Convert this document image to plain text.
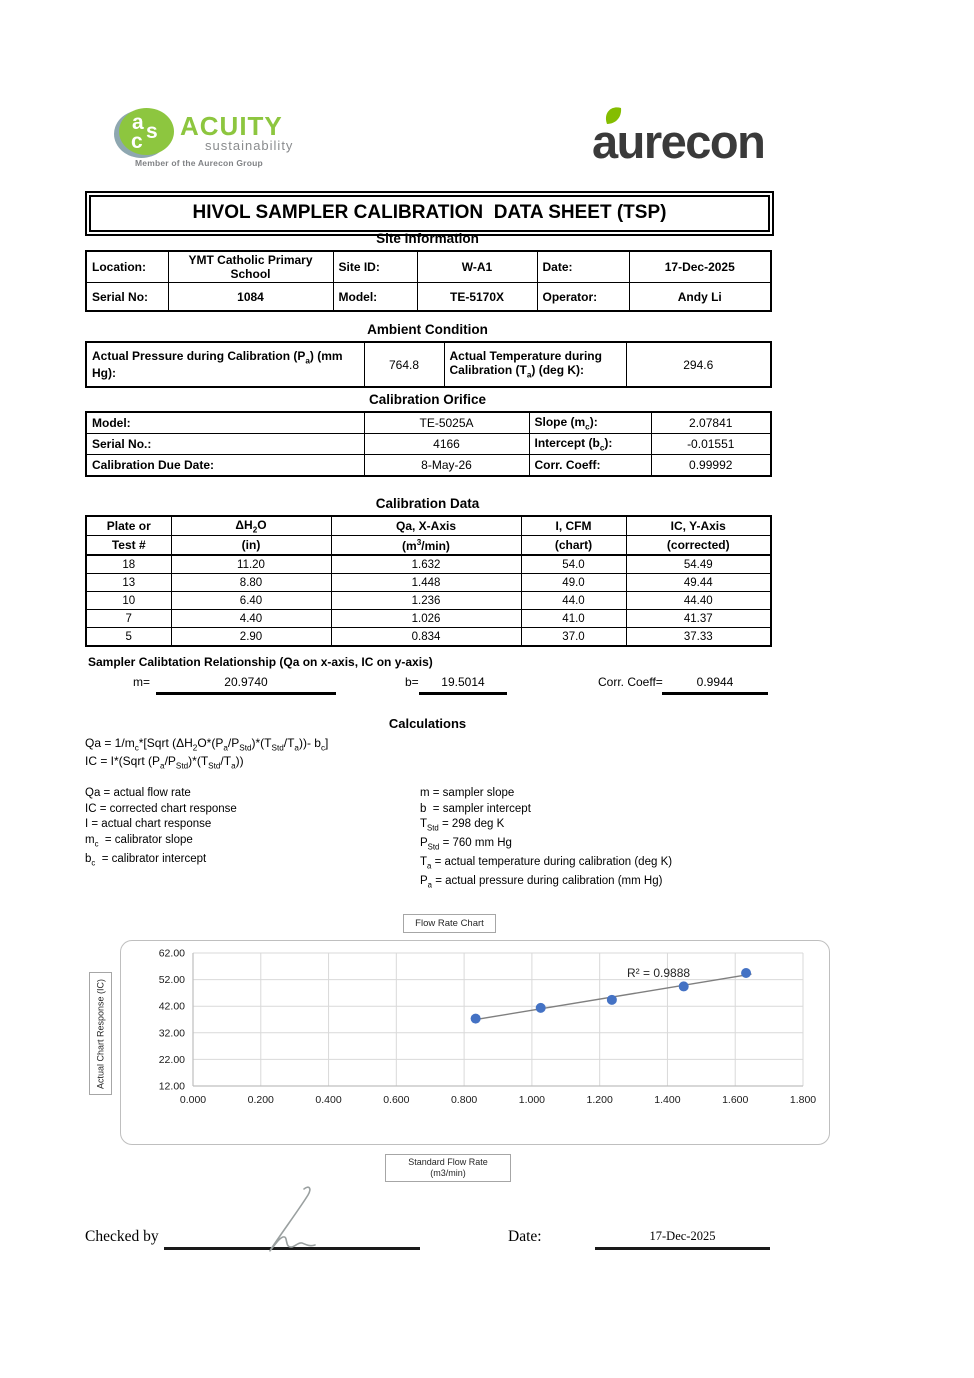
a s
c
ACUITY
sustainability
Member of the Aurecon Group	aurecon
HIVOL SAMPLER CALIBRATION  DATA SHEET (TSP)
Site Information
Location:	YMT Catholic Primary School	Site ID:	W-A1	Date:	17-Dec-2025
Serial No:	1084	Model:	TE-5170X	Operator:	Andy Li
Ambient Condition
Actual Pressure during Calibration $(P_a)$ (mm Hg):	764.8	Actual Temperature during Calibration $(T_a)$ (deg K):	294.6
Calibration Orifice
Model:	TE-5025A	Slope $(m_c)$:	2.07841
Serial No.:	4166	Intercept $(b_c)$:	-0.01551
Calibration Due Date:	8-May-26	Corr. Coeff:	0.99992
Calibration Data
Plate or	$\Delta H_2O$	Qa, X-Axis	I, CFM	IC, Y-Axis
Test #	(in)	$(m^3/\min)$	(chart)	(corrected)
18	11.20	1.632	54.0	54.49
13	8.80	1.448	49.0	49.44
10	6.40	1.236	44.0	44.40
7	4.40	1.026	41.0	41.37
5	2.90	0.834	37.0	37.33
Sampler Calibtation Relationship (Qa on x-axis, IC on y-axis)
m=	20.9740	b=	19.5014	Corr. Coeff=	0.9944
Calculations
$Qa = 1/m_c*[Sqrt$ $(\Delta H_2O*(P_a/P_{Std})*(T_{Std}/T_a))-$ $b_c$]
IC = I*(Sqrt $(P_a/P_{Std})*(T_{Std}/T_a)$)
Qa = actual flow rate
IC = corrected chart response
I = actual chart response
$m_c$  = calibrator slope
$b_c$  = calibrator intercept
m = sampler slope
b  = sampler intercept
$T_{Std} = 298$ deg K
$P_{Std} = 760$ mm Hg
$T_a$ = actual temperature during calibration (deg K)
$P_a$ = actual pressure during calibration (mm Hg)
Flow Rate Chart
12.00
22.00
32.00
42.00
52.00
62.00
0.000	0.200	0.400	0.600	0.800	1.000	1.200	1.400	1.600	1.800
R² = 0.9888
Actual Chart Response (IC)
Standard Flow Rate
(m3/min)
Checked by	Date:	17-Dec-2025
